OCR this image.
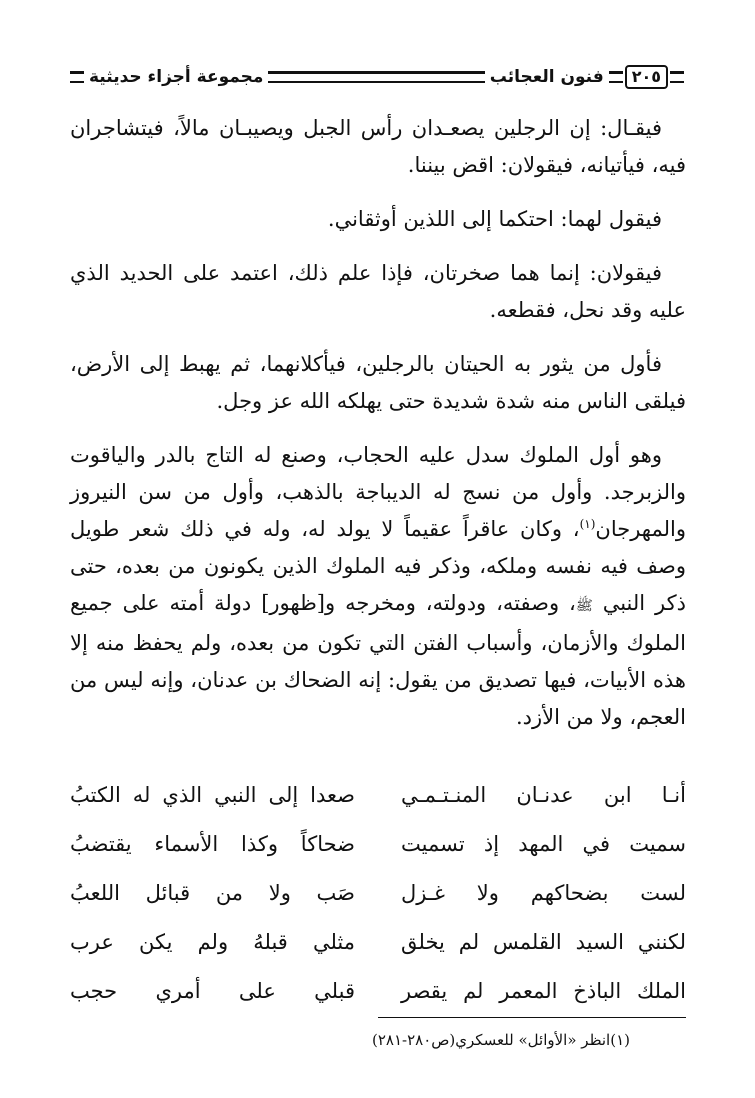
مجموعة أجزاء حديثية	فنون العجائب	٢٠٥

فيقـال: إن الرجلين يصعـدان رأس الجبل ويصيبـان مالاً، فيتشاجران فيه، فيأتيانه، فيقولان: اقض بيننا.

فيقول لهما: احتكما إلى اللذين أوثقاني.

فيقولان: إنما هما صخرتان، فإذا علم ذلك، اعتمد على الحديد الذي عليه وقد نحل، فقطعه.

فأول من يثور به الحيتان بالرجلين، فيأكلانهما، ثم يهبط إلى الأرض، فيلقى الناس منه شدة شديدة حتى يهلكه الله عز وجل.

وهو أول الملوك سدل عليه الحجاب، وصنع له التاج بالدر والياقوت والزبرجد. وأول من نسج له الديباجة بالذهب، وأول من سن النيروز والمهرجان$^{(١)}$، وكان عاقراً عقيماً لا يولد له، وله في ذلك شعر طويل وصف فيه نفسه وملكه، وذكر فيه الملوك الذين يكونون من بعده، حتى ذكر النبي ﷺ، وصفته، ودولته، ومخرجه و[ظهور] دولة أمته على جميع الملوك والأزمان، وأسباب الفتن التي تكون من بعده، ولم يحفظ منه إلا هذه الأبيات، فيها تصديق من يقول: إنه الضحاك بن عدنان، وإنه ليس من العجم، ولا من الأزد.

أنـا ابن عدنـان المنـتـمـي
صعدا إلى النبي الذي له الكتبُ
سميت في المهد إذ تسميت
ضحاكاً وكذا الأسماء يقتضبُ
لست بضحاكهم ولا غـزل
صَب ولا من قبائل اللعبُ
لكنني السيد القلمس لم يخلق
مثلي قبلهُ ولم يكن عرب
الملك الباذخ المعمر لم يقصر
قبلي على أمري حجب
(١)انظر «الأوائل» للعسكري(ص٢٨٠-٢٨١)
